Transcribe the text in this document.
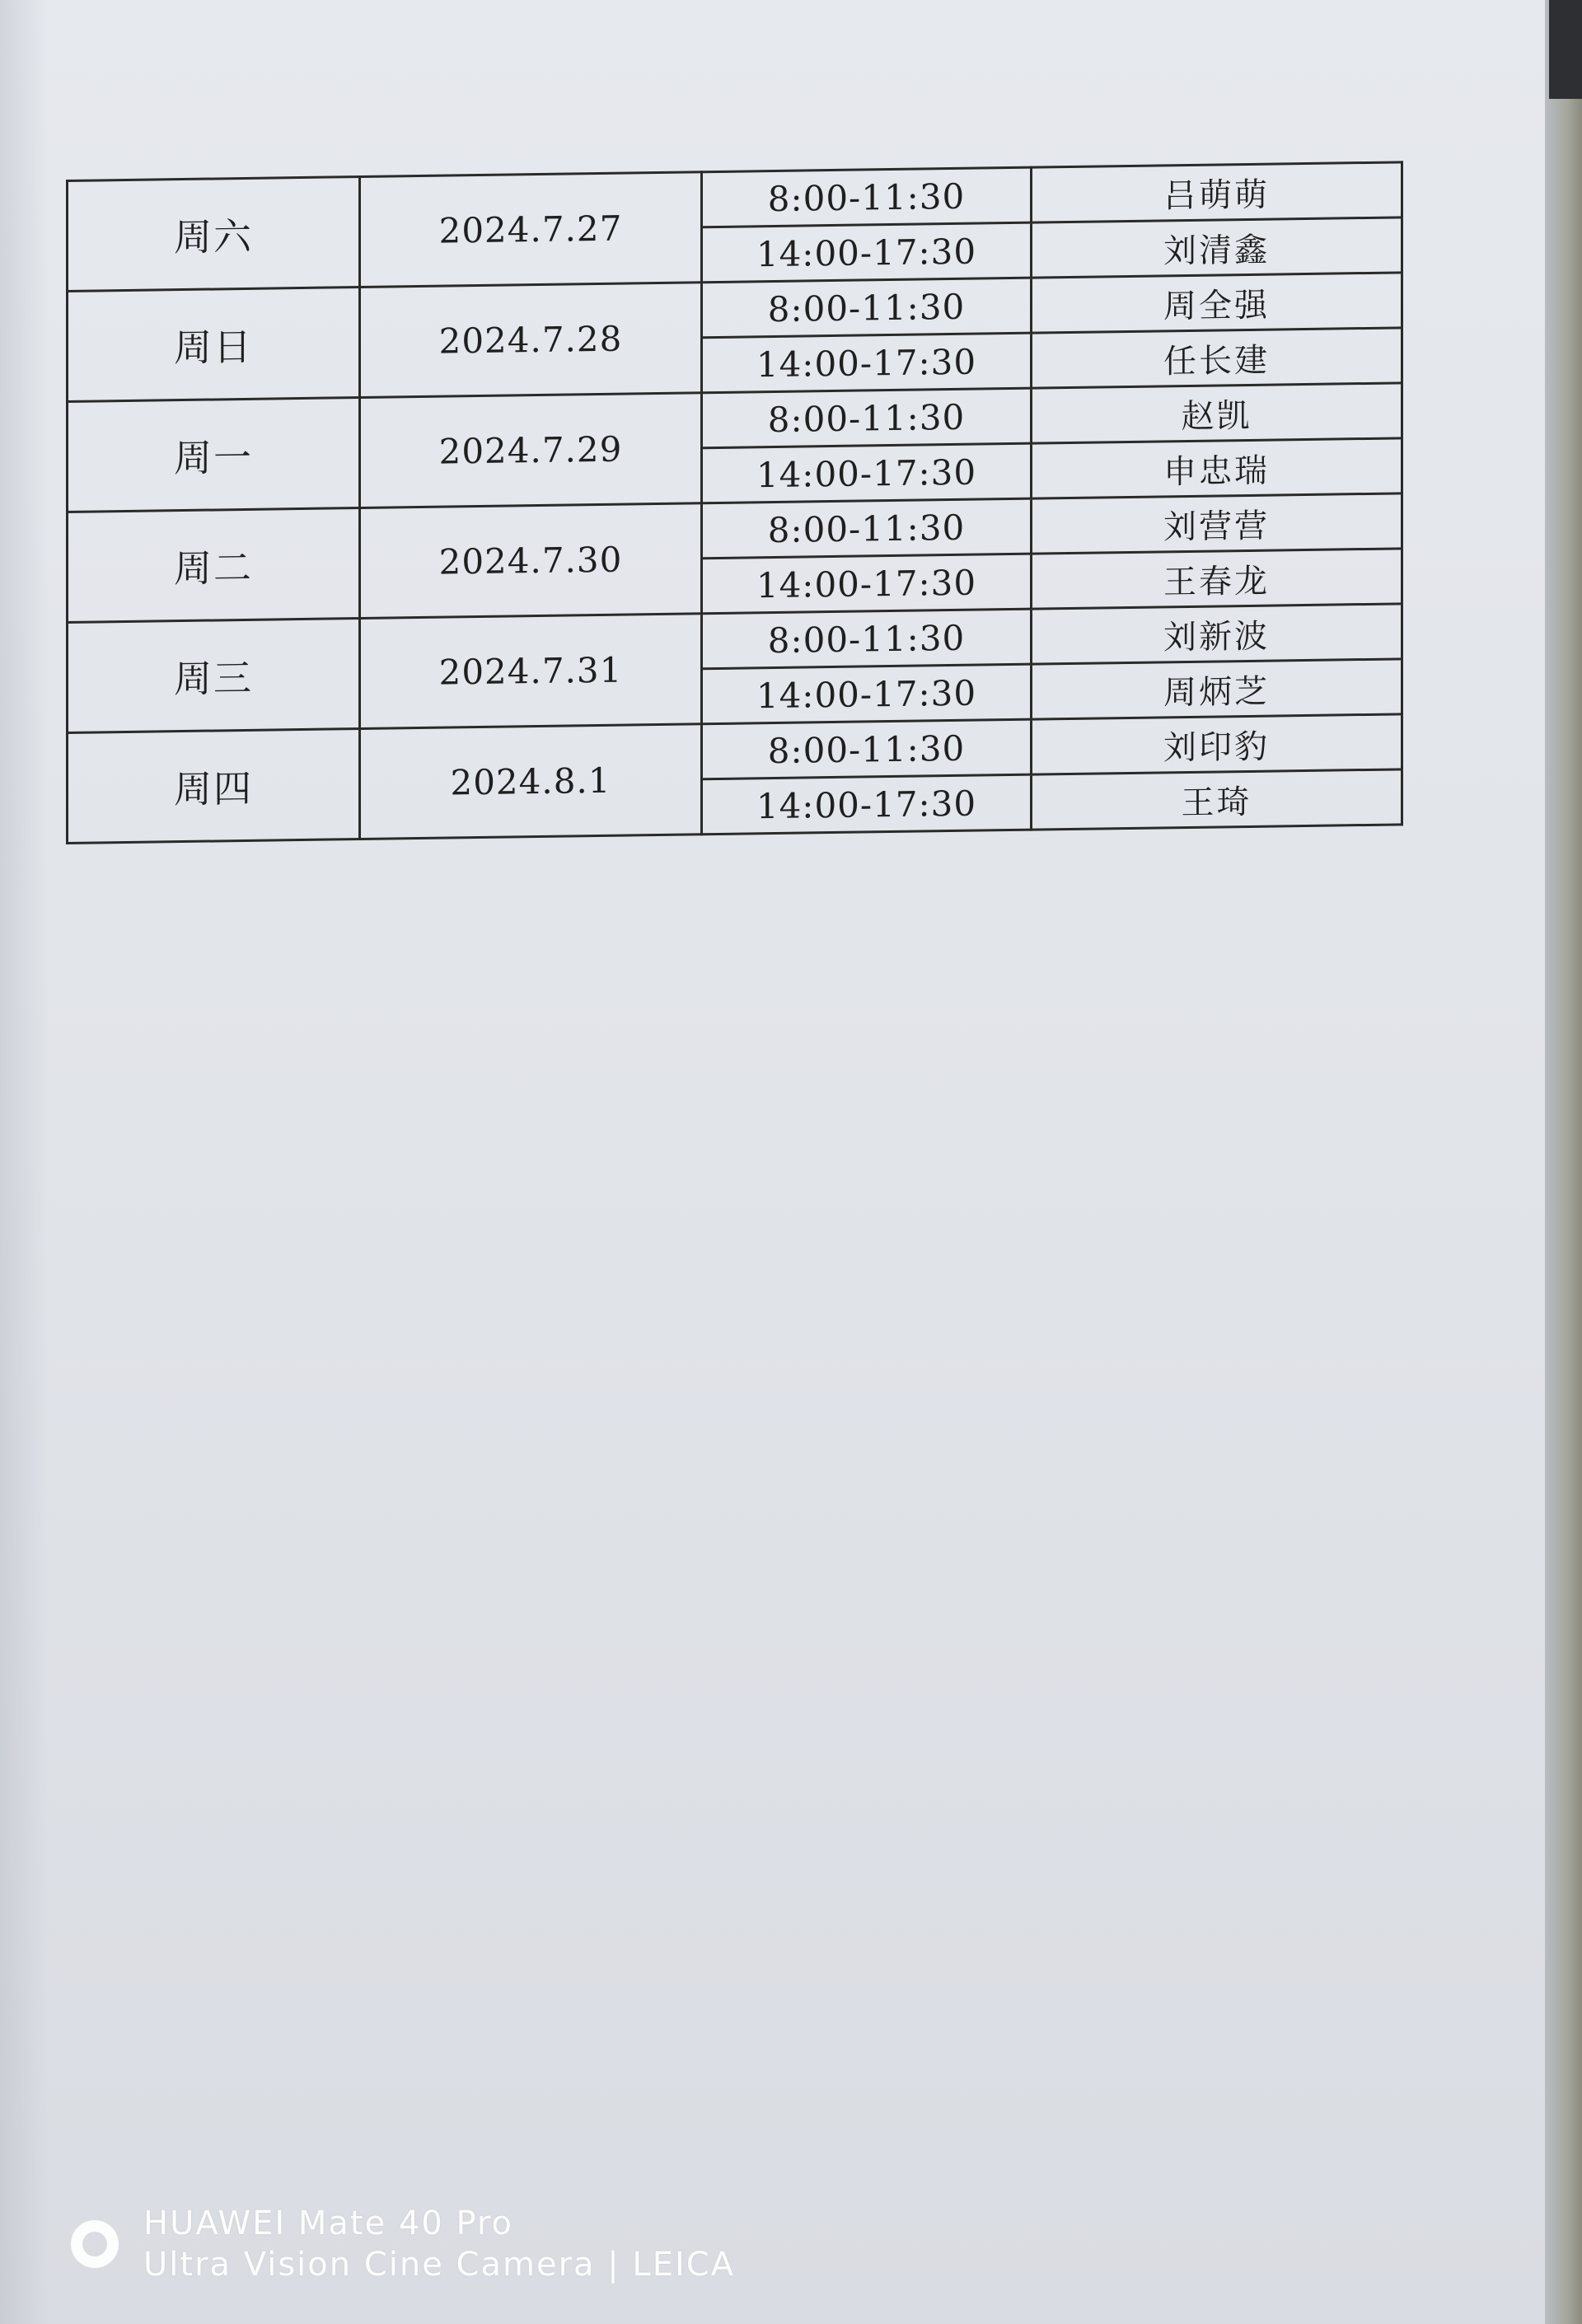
周六	2024.7.27	8:00-11:30	吕萌萌
		14:00-17:30	刘清鑫
周日	2024.7.28	8:00-11:30	周全强
		14:00-17:30	任长建
周一	2024.7.29	8:00-11:30	赵凯
		14:00-17:30	申忠瑞
周二	2024.7.30	8:00-11:30	刘营营
		14:00-17:30	王春龙
周三	2024.7.31	8:00-11:30	刘新波
		14:00-17:30	周炳芝
周四	2024.8.1	8:00-11:30	刘印豹
		14:00-17:30	王琦
HUAWEI Mate 40 Pro
Ultra Vision Cine Camera | LEICA
